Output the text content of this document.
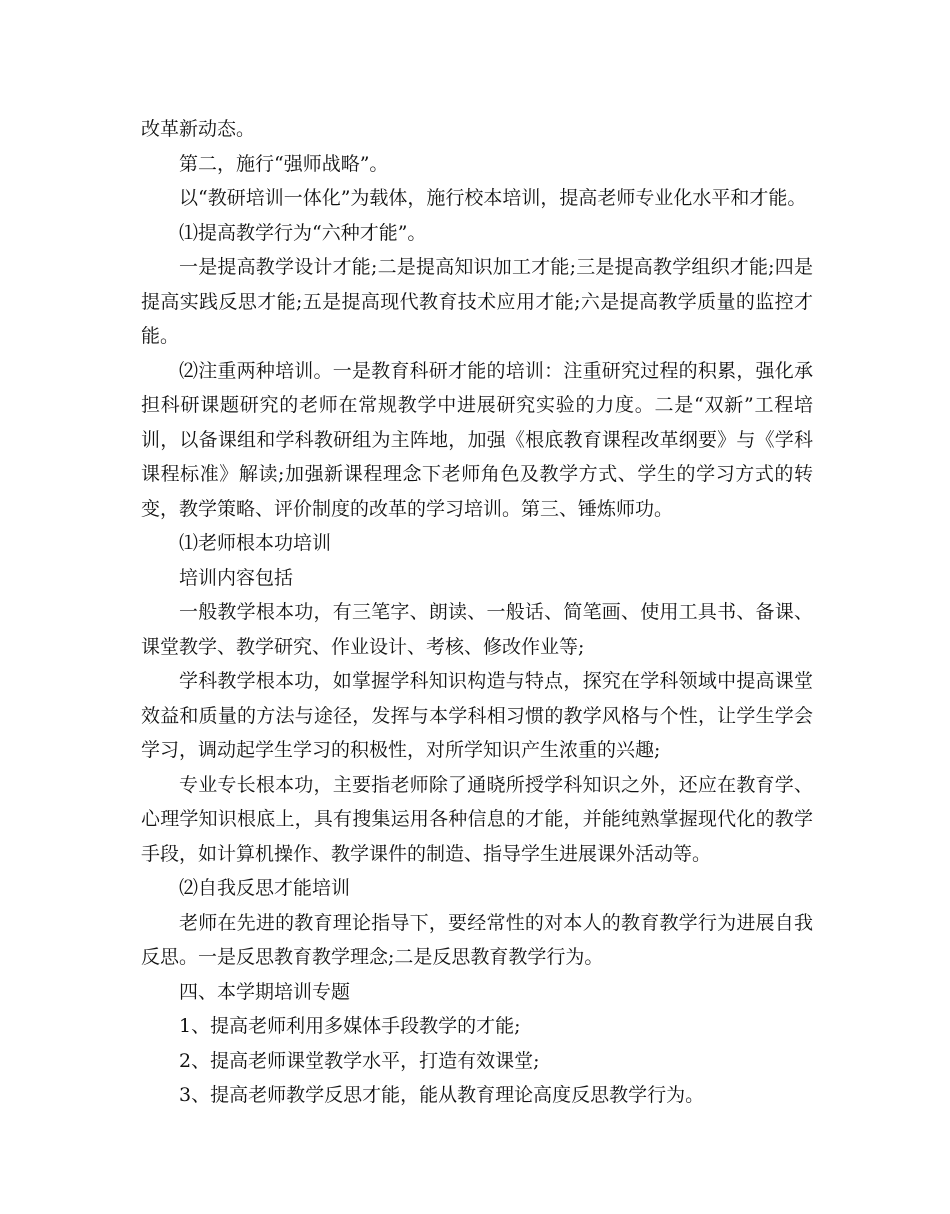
改革新动态。

第二，施行“强师战略”。

以“教研培训一体化”为载体，施行校本培训，提高老师专业化水平和才能。

⑴提高教学行为“六种才能”。

一是提高教学设计才能;二是提高知识加工才能;三是提高教学组织才能;四是提高实践反思才能;五是提高现代教育技术应用才能;六是提高教学质量的监控才能。

⑵注重两种培训。一是教育科研才能的培训：注重研究过程的积累，强化承担科研课题研究的老师在常规教学中进展研究实验的力度。二是“双新”工程培训，以备课组和学科教研组为主阵地，加强《根底教育课程改革纲要》与《学科课程标准》解读;加强新课程理念下老师角色及教学方式、学生的学习方式的转变，教学策略、评价制度的改革的学习培训。第三、锤炼师功。

⑴老师根本功培训

培训内容包括

一般教学根本功，有三笔字、朗读、一般话、简笔画、使用工具书、备课、课堂教学、教学研究、作业设计、考核、修改作业等;

学科教学根本功，如掌握学科知识构造与特点，探究在学科领域中提高课堂效益和质量的方法与途径，发挥与本学科相习惯的教学风格与个性，让学生学会学习，调动起学生学习的积极性，对所学知识产生浓重的兴趣;

专业专长根本功，主要指老师除了通晓所授学科知识之外，还应在教育学、心理学知识根底上，具有搜集运用各种信息的才能，并能纯熟掌握现代化的教学手段，如计算机操作、教学课件的制造、指导学生进展课外活动等。

⑵自我反思才能培训

老师在先进的教育理论指导下，要经常性的对本人的教育教学行为进展自我反思。一是反思教育教学理念;二是反思教育教学行为。

四、本学期培训专题

1、提高老师利用多媒体手段教学的才能;

2、提高老师课堂教学水平，打造有效课堂;

3、提高老师教学反思才能，能从教育理论高度反思教学行为。
